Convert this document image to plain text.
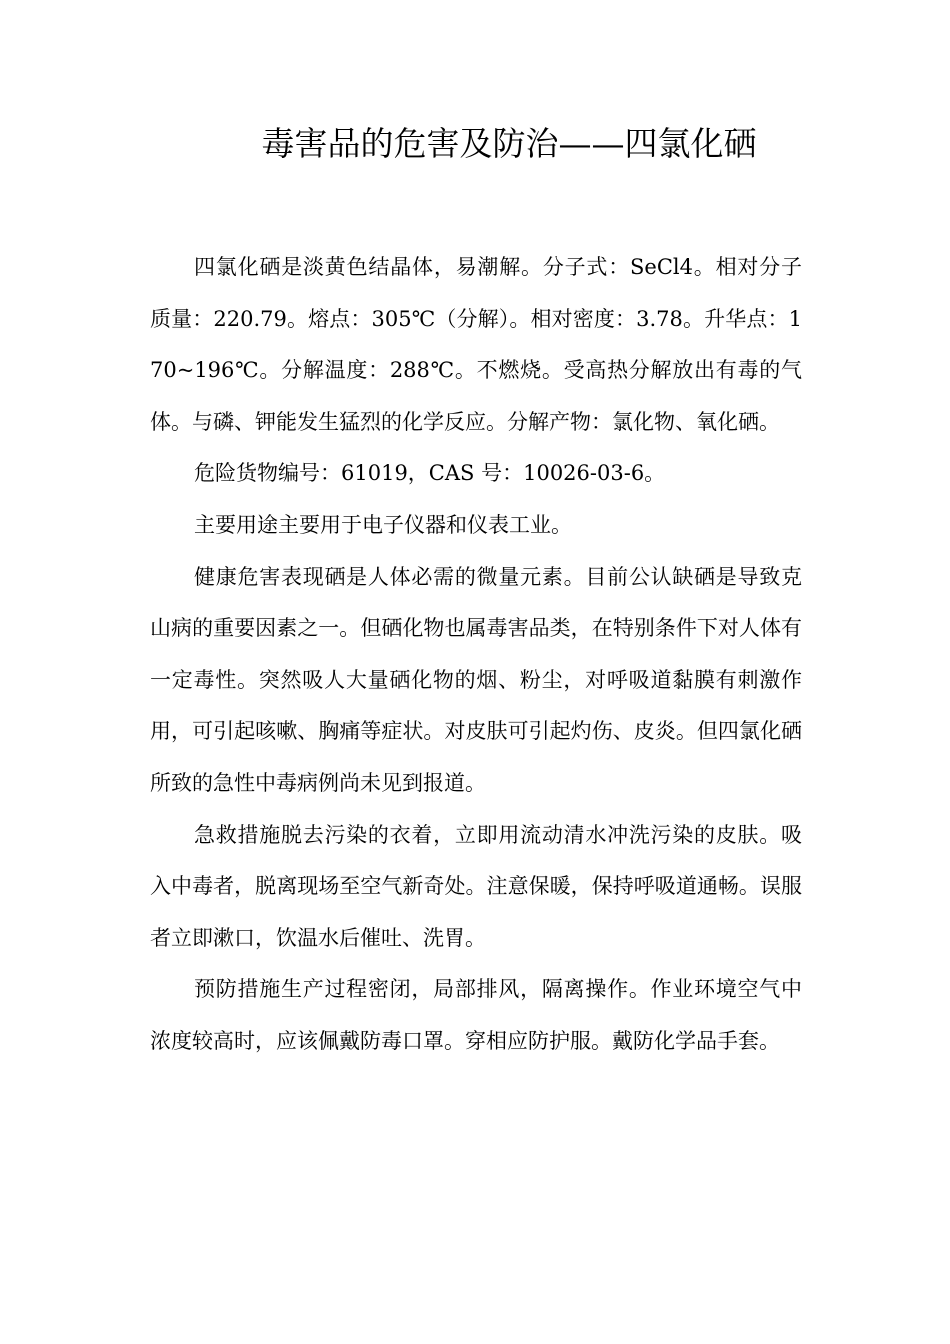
毒害品的危害及防治——四氯化硒

四氯化硒是淡黄色结晶体，易潮解。分子式：SeCl4。相对分子质量：220.79。熔点：305℃（分解）。相对密度：3.78。升华点：170~196℃。分解温度：288℃。不燃烧。受高热分解放出有毒的气体。与磷、钾能发生猛烈的化学反应。分解产物：氯化物、氧化硒。

危险货物编号：61019，CAS 号：10026-03-6。

主要用途主要用于电子仪器和仪表工业。

健康危害表现硒是人体必需的微量元素。目前公认缺硒是导致克山病的重要因素之一。但硒化物也属毒害品类，在特别条件下对人体有一定毒性。突然吸人大量硒化物的烟、粉尘，对呼吸道黏膜有刺激作用，可引起咳嗽、胸痛等症状。对皮肤可引起灼伤、皮炎。但四氯化硒所致的急性中毒病例尚未见到报道。

急救措施脱去污染的衣着，立即用流动清水冲洗污染的皮肤。吸入中毒者，脱离现场至空气新奇处。注意保暖，保持呼吸道通畅。误服者立即漱口，饮温水后催吐、洗胃。

预防措施生产过程密闭，局部排风，隔离操作。作业环境空气中浓度较高时，应该佩戴防毒口罩。穿相应防护服。戴防化学品手套。
